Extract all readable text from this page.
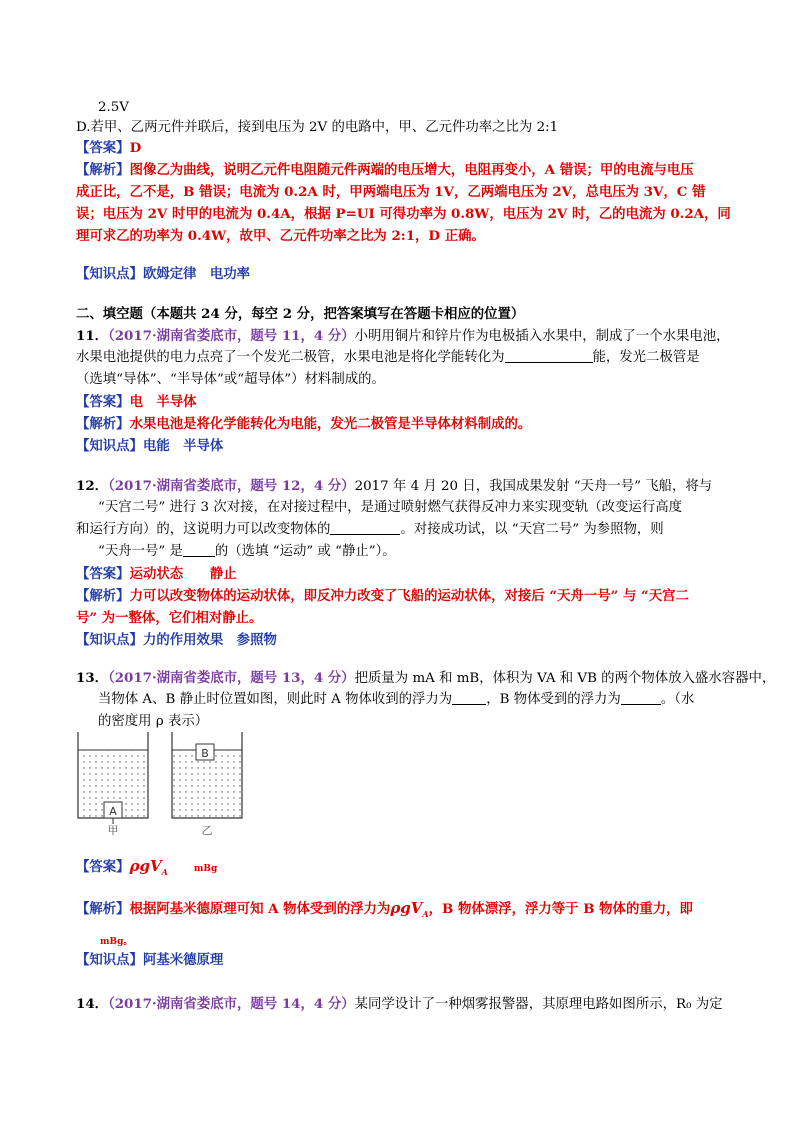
2.5V
D.若甲、乙两元件并联后，接到电压为 2V 的电路中，甲、乙元件功率之比为 2:1
【答案】D
【解析】图像乙为曲线，说明乙元件电阻随元件两端的电压增大，电阻再变小，A 错误；甲的电流与电压
成正比，乙不是，B 错误；电流为 0.2A 时，甲两端电压为 1V，乙两端电压为 2V，总电压为 3V，C 错
误；电压为 2V 时甲的电流为 0.4A，根据 P=UI 可得功率为 0.8W，电压为 2V 时，乙的电流为 0.2A，同
理可求乙的功率为 0.4W，故甲、乙元件功率之比为 2:1，D 正确。
【知识点】欧姆定律　电功率
二、填空题（本题共 24 分，每空 2 分，把答案填写在答题卡相应的位置）
11．（2017·湖南省娄底市，题号 11，4 分）小明用铜片和锌片作为电极插入水果中，制成了一个水果电池，
水果电池提供的电力点亮了一个发光二极管，水果电池是将化学能转化为	能，发光二极管是
（选填“导体”、“半导体”或“超导体”）材料制成的。
【答案】电　半导体
【解析】水果电池是将化学能转化为电能，发光二极管是半导体材料制成的。
【知识点】电能　半导体
12．（2017·湖南省娄底市，题号 12，4 分）2017 年 4 月 20 日，我国成果发射 “天舟一号” 飞船，将与
“天宫二号” 进行 3 次对接，在对接过程中，是通过喷射燃气获得反冲力来实现变轨（改变运行高度
和运行方向）的，这说明力可以改变物体的	。对接成功试，以 “天宫二号” 为参照物，则
“天舟一号” 是 的（选填 “运动” 或 “静止”）。
【答案】运动状态　　静止
【解析】力可以改变物体的运动状体，即反冲力改变了飞船的运动状体，对接后 “天舟一号” 与 “天宫二
号” 为一整体，它们相对静止。
【知识点】力的作用效果　参照物
13．（2017·湖南省娄底市，题号 13，4 分）把质量为 mA 和 mB，体积为 VA 和 VB 的两个物体放入盛水容器中，
当物体 A、B 静止时位置如图，则此时 A 物体收到的浮力为	，B 物体受到的浮力为	。（水
的密度用 ρ 表示）
A
甲
B
乙
【答案】ρgV$_A$	mBg
【解析】根据阿基米德原理可知 A 物体受到的浮力为ρgV$_A$，B 物体漂浮，浮力等于 B 物体的重力，即
mBg。
【知识点】阿基米德原理
14．（2017·湖南省娄底市，题号 14，4 分）某同学设计了一种烟雾报警器，其原理电路如图所示，R₀ 为定
